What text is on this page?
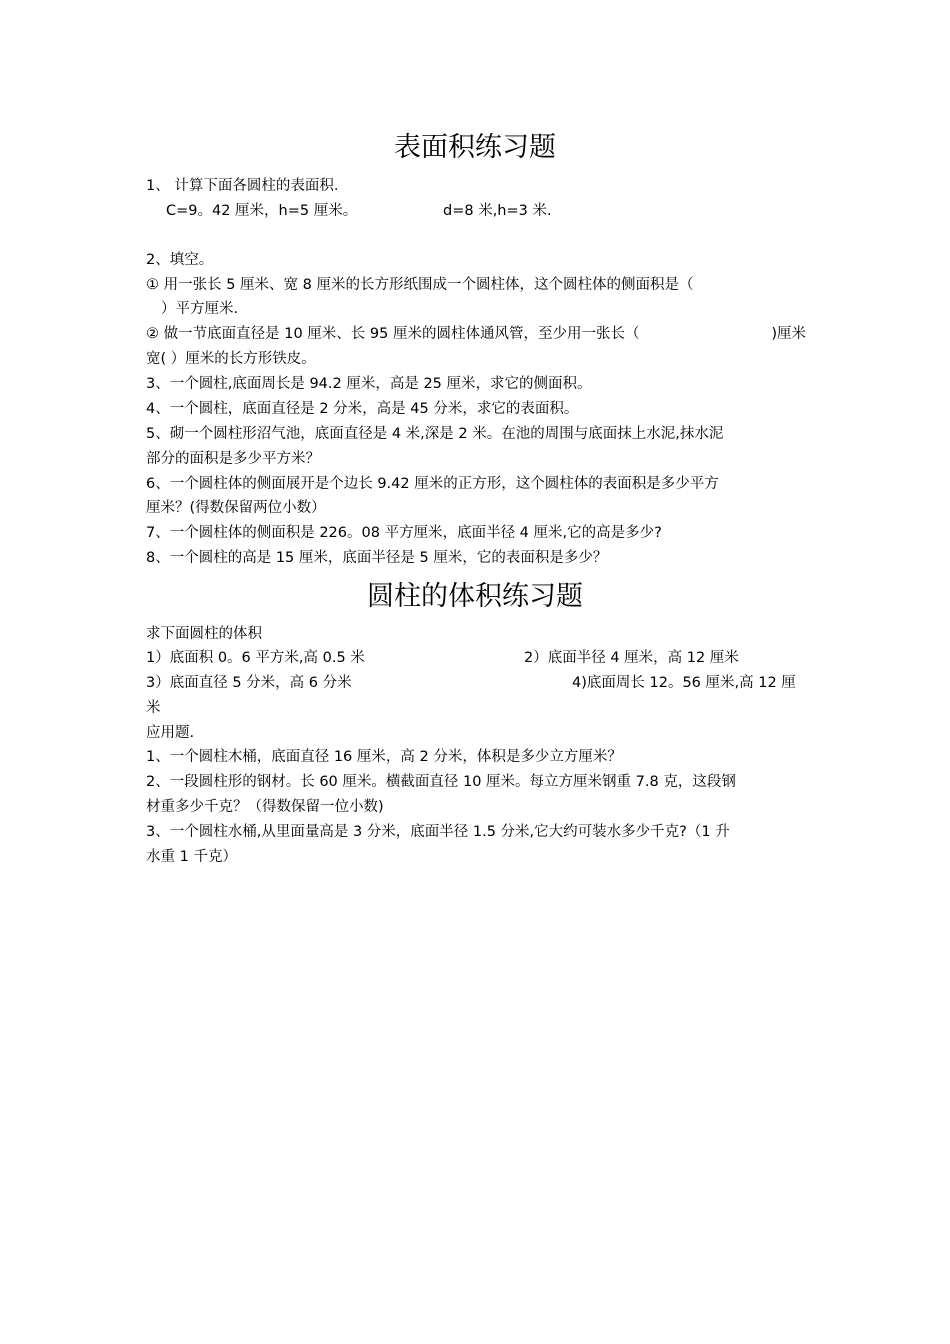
表面积练习题
1、 计算下面各圆柱的表面积.
C=9。42 厘米，h=5 厘米。	d=8 米,h=3 米.
2、填空。
① 用一张长 5 厘米、宽 8 厘米的长方形纸围成一个圆柱体，这个圆柱体的侧面积是（
）平方厘米.
② 做一节底面直径是 10 厘米、长 95 厘米的圆柱体通风管，至少用一张长（	)厘米
宽( ）厘米的长方形铁皮。
3、一个圆柱,底面周长是 94.2 厘米，高是 25 厘米，求它的侧面积。
4、一个圆柱，底面直径是 2 分米，高是 45 分米，求它的表面积。
5、砌一个圆柱形沼气池，底面直径是 4 米,深是 2 米。在池的周围与底面抹上水泥,抹水泥
部分的面积是多少平方米？
6、一个圆柱体的侧面展开是个边长 9.42 厘米的正方形，这个圆柱体的表面积是多少平方
厘米？(得数保留两位小数）
7、一个圆柱体的侧面积是 226。08 平方厘米，底面半径 4 厘米,它的高是多少?
8、一个圆柱的高是 15 厘米，底面半径是 5 厘米，它的表面积是多少？
圆柱的体积练习题
求下面圆柱的体积
1）底面积 0。6 平方米,高 0.5 米	2）底面半径 4 厘米，高 12 厘米
3）底面直径 5 分米，高 6 分米	4)底面周长 12。56 厘米,高 12 厘
米
应用题.
1、一个圆柱木桶，底面直径 16 厘米，高 2 分米，体积是多少立方厘米？
2、一段圆柱形的钢材。长 60 厘米。横截面直径 10 厘米。每立方厘米钢重 7.8 克，这段钢
材重多少千克？（得数保留一位小数)
3、一个圆柱水桶,从里面量高是 3 分米，底面半径 1.5 分米,它大约可装水多少千克?（1 升
水重 1 千克）
